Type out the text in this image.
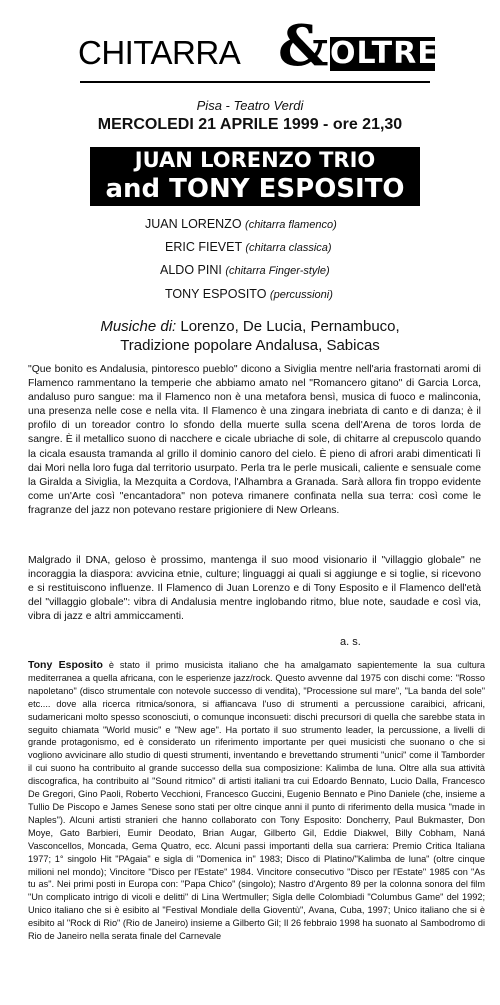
CHITARRA & OLTRE
Pisa - Teatro Verdi
MERCOLEDI 21 APRILE 1999 - ore 21,30
JUAN LORENZO TRIO
and TONY ESPOSITO
JUAN LORENZO (chitarra flamenco)
ERIC FIEVET (chitarra classica)
ALDO PINI (chitarra Finger-style)
TONY ESPOSITO (percussioni)
Musiche di: Lorenzo, De Lucia, Pernambuco,
Tradizione popolare Andalusa, Sabicas
"Que bonito es Andalusia, pintoresco pueblo" dicono a Siviglia mentre nell'aria frastornati aromi di Flamenco rammentano la temperie che abbiamo amato nel "Romancero gitano" di Garcia Lorca, andaluso puro sangue: ma il Flamenco non è una metafora bensì, musica di fuoco e malinconia, una presenza nelle cose e nella vita. Il Flamenco è una zingara inebriata di canto e di danza; è il profilo di un toreador contro lo sfondo della muerte sulla scena dell'Arena de toros lorda de sangre. È il metallico suono di nacchere e cicale ubriache di sole, di chitarre al crepuscolo quando la cicala esausta tramanda al grillo il dominio canoro del cielo. È pieno di afrori arabi dimenticati lì dai Mori nella loro fuga dal territorio usurpato. Perla tra le perle musicali, caliente e sensuale come la Giralda a Siviglia, la Mezquita a Cordova, l'Alhambra a Granada. Sarà allora fin troppo evidente come un'Arte così "encantadora" non poteva rimanere confinata nella sua terra: così come le fragranze del jazz non potevano restare prigioniere di New Orleans.
Malgrado il DNA, geloso è prossimo, mantenga il suo mood visionario il "villaggio globale" ne incoraggia la diaspora: avvicina etnie, culture; linguaggi ai quali si aggiunge e si toglie, si ricevono e si restituiscono influenze. Il Flamenco di Juan Lorenzo e di Tony Esposito e il Flamenco dell'età del "villaggio globale": vibra di Andalusia mentre inglobando ritmo, blue note, saudade e così via, vibra di jazz e altri ammiccamenti.
a. s.
Tony Esposito è stato il primo musicista italiano che ha amalgamato sapientemente la sua cultura mediterranea a quella africana, con le esperienze jazz/rock. Questo avvenne dal 1975 con dischi come: "Rosso napoletano" (disco strumentale con notevole successo di vendita), "Processione sul mare", "La banda del sole" etc.... dove alla ricerca ritmica/sonora, si affiancava l'uso di strumenti a percussione caraibici, africani, sudamericani molto spesso sconosciuti, o comunque inconsueti: dischi precursori di quella che sarebbe stata in seguito chiamata "World music" e "New age". Ha portato il suo strumento leader, la percussione, a livelli di grande protagonismo, ed è considerato un riferimento importante per quei musicisti che suonano o che si vogliono avvicinare allo studio di questi strumenti, inventando e brevettando strumenti "unici" come il Tamborder il cui suono ha contribuito al grande successo della sua composizione: Kalimba de luna. Oltre alla sua attività discografica, ha contribuito al "Sound ritmico" di artisti italiani tra cui Edoardo Bennato, Lucio Dalla, Francesco De Gregori, Gino Paoli, Roberto Vecchioni, Francesco Guccini, Eugenio Bennato e Pino Daniele (che, insieme a Tullio De Piscopo e James Senese sono stati per oltre cinque anni il punto di riferimento della musica "made in Naples"). Alcuni artisti stranieri che hanno collaborato con Tony Esposito: Doncherry, Paul Bukmaster, Don Moye, Gato Barbieri, Eumir Deodato, Brian Augar, Gilberto Gil, Eddie Diakwel, Billy Cobham, Naná Vasconcellos, Moncada, Gema Quatro, ecc. Alcuni passi importanti della sua carriera: Premio Critica Italiana 1977; 1° singolo Hit "PAgaia" e sigla di "Domenica in" 1983; Disco di Platino/"Kalimba de luna" (oltre cinque milioni nel mondo); Vincitore "Disco per l'Estate" 1984. Vincitore consecutivo "Disco per l'Estate" 1985 con "As tu as". Nei primi posti in Europa con: "Papa Chico" (singolo); Nastro d'Argento 89 per la colonna sonora del film "Un complicato intrigo di vicoli e delitti" di Lina Wertmuller; Sigla delle Colombiadi "Columbus Game" del 1992; Unico italiano che si è esibito al "Festival Mondiale della Gioventù", Avana, Cuba, 1997; Unico italiano che si è esibito al "Rock di Rio" (Rio de Janeiro) insieme a Gilberto Gil; Il 26 febbraio 1998 ha suonato al Sambodromo di Rio de Janeiro nella serata finale del Carnevale
